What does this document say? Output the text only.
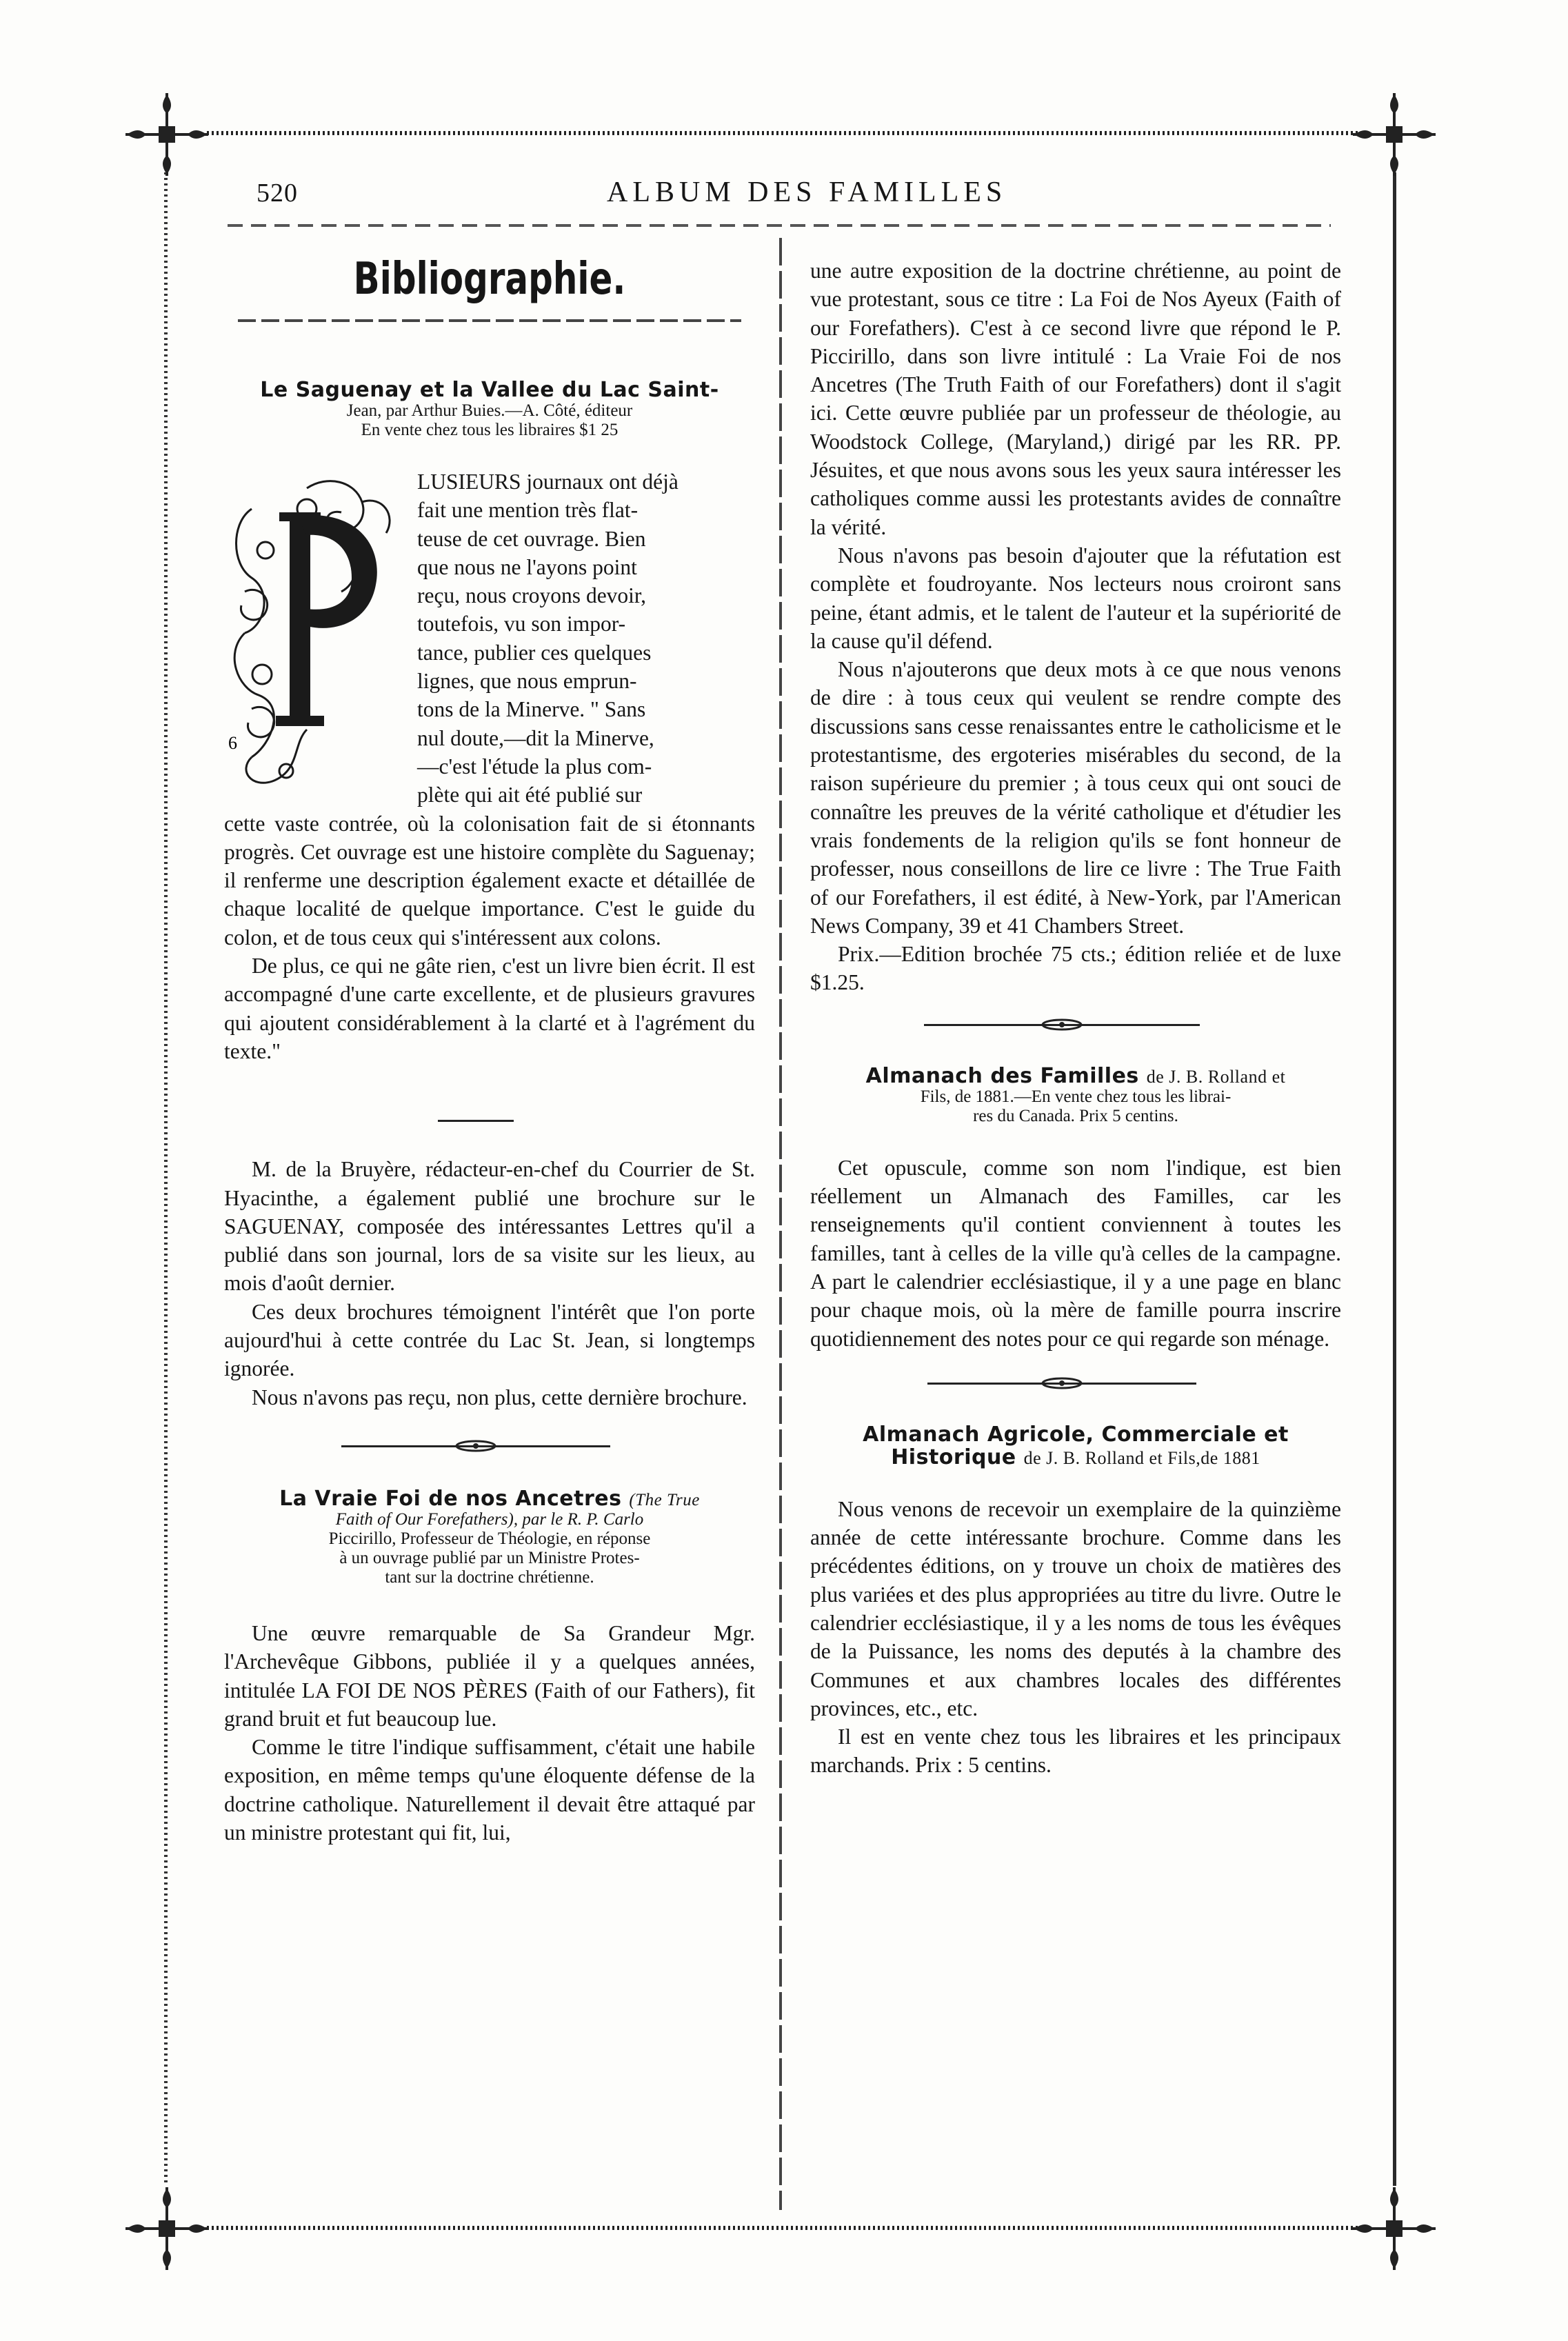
520	ALBUM DES FAMILLES
Bibliographie.

Le Saguenay et la Vallee du Lac Saint-

Jean, par Arthur Buies.—A. Côté, éditeur

En vente chez tous les libraires $1 25

6
LUSIEURS journaux ont déjà
fait une mention très flat-
teuse de cet ouvrage. Bien
que nous ne l'ayons point
reçu, nous croyons devoir,
toutefois, vu son impor-
tance, publier ces quelques
lignes, que nous emprun-
tons de la Minerve. " Sans
nul doute,—dit la Minerve,
—c'est l'étude la plus com-
plète qui ait été publié sur

cette vaste contrée, où la colonisation fait de si étonnants progrès. Cet ouvrage est une histoire complète du Saguenay; il renferme une description également exacte et détaillée de chaque localité de quelque importance. C'est le guide du colon, et de tous ceux qui s'intéressent aux colons.

De plus, ce qui ne gâte rien, c'est un livre bien écrit. Il est accompagné d'une carte excellente, et de plusieurs gravures qui ajoutent considérablement à la clarté et à l'agrément du texte."

M. de la Bruyère, rédacteur-en-chef du Courrier de St. Hyacinthe, a également publié une brochure sur le SAGUENAY, composée des intéressantes Lettres qu'il a publié dans son journal, lors de sa visite sur les lieux, au mois d'août dernier.

Ces deux brochures témoignent l'intérêt que l'on porte aujourd'hui à cette contrée du Lac St. Jean, si longtemps ignorée.

Nous n'avons pas reçu, non plus, cette dernière brochure.

La Vraie Foi de nos Ancetres (The True

Faith of Our Forefathers), par le R. P. Carlo

Piccirillo, Professeur de Théologie, en réponse

à un ouvrage publié par un Ministre Protes-

tant sur la doctrine chrétienne.

Une œuvre remarquable de Sa Grandeur Mgr. l'Archevêque Gibbons, publiée il y a quelques années, intitulée LA FOI DE NOS PÈRES (Faith of our Fathers), fit grand bruit et fut beaucoup lue.

Comme le titre l'indique suffisamment, c'était une habile exposition, en même temps qu'une éloquente défense de la doctrine catholique. Naturellement il devait être attaqué par un ministre protestant qui fit, lui,

une autre exposition de la doctrine chrétienne, au point de vue protestant, sous ce titre : La Foi de Nos Ayeux (Faith of our Forefathers). C'est à ce second livre que répond le P. Piccirillo, dans son livre intitulé : La Vraie Foi de nos Ancetres (The Truth Faith of our Forefathers) dont il s'agit ici. Cette œuvre publiée par un professeur de théologie, au Woodstock College, (Maryland,) dirigé par les RR. PP. Jésuites, et que nous avons sous les yeux saura intéresser les catholiques comme aussi les protestants avides de connaître la vérité.

Nous n'avons pas besoin d'ajouter que la réfutation est complète et foudroyante. Nos lecteurs nous croiront sans peine, étant admis, et le talent de l'auteur et la supériorité de la cause qu'il défend.

Nous n'ajouterons que deux mots à ce que nous venons de dire : à tous ceux qui veulent se rendre compte des discussions sans cesse renaissantes entre le catholicisme et le protestantisme, des ergoteries misérables du second, de la raison supérieure du premier ; à tous ceux qui ont souci de connaître les preuves de la vérité catholique et d'étudier les vrais fondements de la religion qu'ils se font honneur de professer, nous conseillons de lire ce livre : The True Faith of our Forefathers, il est édité, à New-York, par l'American News Company, 39 et 41 Chambers Street.

Prix.—Edition brochée 75 cts.; édition reliée et de luxe $1.25.

Almanach des Familles de J. B. Rolland et

Fils, de 1881.—En vente chez tous les librai-

res du Canada. Prix 5 centins.

Cet opuscule, comme son nom l'indique, est bien réellement un Almanach des Familles, car les renseignements qu'il contient conviennent à toutes les familles, tant à celles de la ville qu'à celles de la campagne. A part le calendrier ecclésiastique, il y a une page en blanc pour chaque mois, où la mère de famille pourra inscrire quotidiennement des notes pour ce qui regarde son ménage.

Almanach Agricole, Commerciale et

Historique de J. B. Rolland et Fils,de 1881

Nous venons de recevoir un exemplaire de la quinzième année de cette intéressante brochure. Comme dans les précédentes éditions, on y trouve un choix de matières des plus variées et des plus appropriées au titre du livre. Outre le calendrier ecclésiastique, il y a les noms de tous les évêques de la Puissance, les noms des deputés à la chambre des Communes et aux chambres locales des différentes provinces, etc., etc.

Il est en vente chez tous les libraires et les principaux marchands. Prix : 5 centins.
